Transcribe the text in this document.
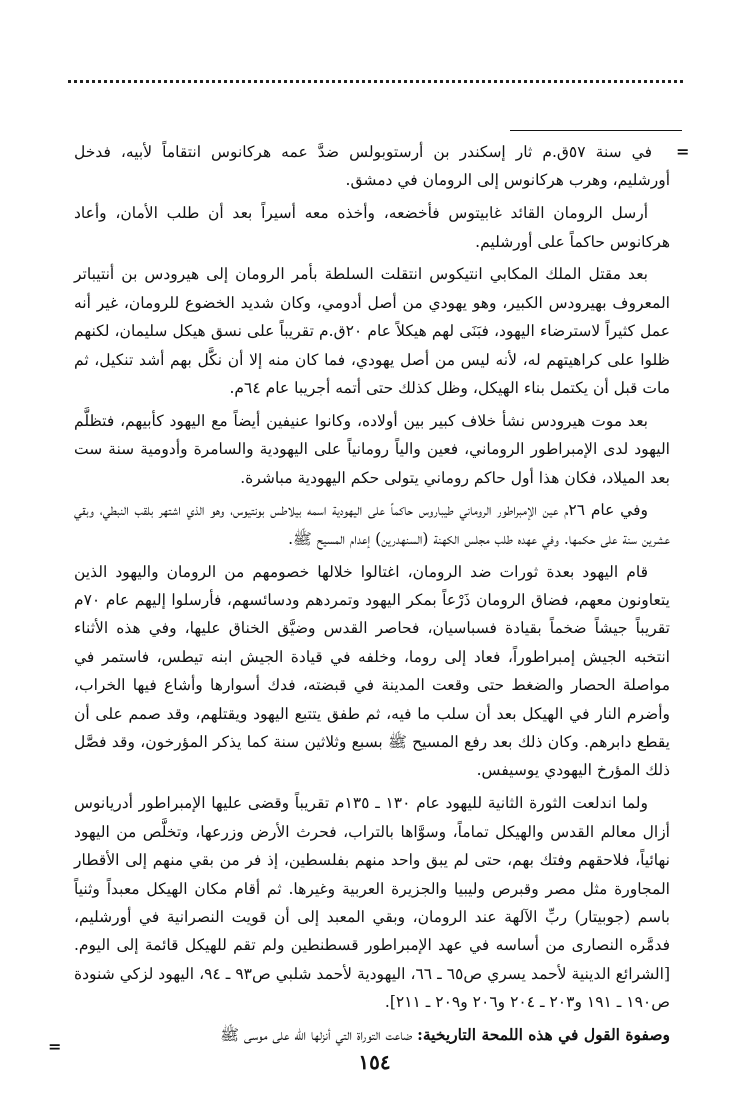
=

في سنة ٥٧ق.م ثار إسكندر بن أرستوبولس ضدَّ عمه هركانوس انتقاماً لأبيه، فدخل أورشليم، وهرب هركانوس إلى الرومان في دمشق.

أرسل الرومان القائد غابيتوس فأخضعه، وأخذه معه أسيراً بعد أن طلب الأمان، وأعاد هركانوس حاكماً على أورشليم.

بعد مقتل الملك المكابي انتيكوس انتقلت السلطة بأمر الرومان إلى هيرودس بن أنتيباتر المعروف بهيرودس الكبير، وهو يهودي من أصل أدومي، وكان شديد الخضوع للرومان، غير أنه عمل كثيراً لاسترضاء اليهود، فبَنَى لهم هيكلاً عام ٢٠ق.م تقريباً على نسق هيكل سليمان، لكنهم ظلوا على كراهيتهم له، لأنه ليس من أصل يهودي، فما كان منه إلا أن نكَّل بهم أشد تنكيل، ثم مات قبل أن يكتمل بناء الهيكل، وظل كذلك حتى أتمه أجريبا عام ٦٤م.

بعد موت هيرودس نشأ خلاف كبير بين أولاده، وكانوا عنيفين أيضاً مع اليهود كأبيهم، فتظلَّم اليهود لدى الإمبراطور الروماني، فعين والياً رومانياً على اليهودية والسامرة وأدومية سنة ست بعد الميلاد، فكان هذا أول حاكم روماني يتولى حكم اليهودية مباشرة.

وفي عام ٢٦م عين الإمبراطور الروماني طيباروس حاكماً على اليهودية اسمه بيلاطس بونتيوس، وهو الذي اشتهر بلقب النبطي، وبقي عشرين سنة على حكمها. وفي عهده طلب مجلس الكهنة (السنهدرين) إعدام المسيح ﷺ.

قام اليهود بعدة ثورات ضد الرومان، اغتالوا خلالها خصومهم من الرومان واليهود الذين يتعاونون معهم، فضاق الرومان ذَرْعاً بمكر اليهود وتمردهم ودسائسهم، فأرسلوا إليهم عام ٧٠م تقريباً جيشاً ضخماً بقيادة فسباسيان، فحاصر القدس وضيَّق الخناق عليها، وفي هذه الأثناء انتخبه الجيش إمبراطوراً، فعاد إلى روما، وخلفه في قيادة الجيش ابنه تيطس، فاستمر في مواصلة الحصار والضغط حتى وقعت المدينة في قبضته، فدك أسوارها وأشاع فيها الخراب، وأضرم النار في الهيكل بعد أن سلب ما فيه، ثم طفق يتتبع اليهود ويقتلهم، وقد صمم على أن يقطع دابرهم. وكان ذلك بعد رفع المسيح ﷺ بسبع وثلاثين سنة كما يذكر المؤرخون، وقد فصَّل ذلك المؤرخ اليهودي يوسيفس.

ولما اندلعت الثورة الثانية لليهود عام ١٣٠ ـ ١٣٥م تقريباً وقضى عليها الإمبراطور أدريانوس أزال معالم القدس والهيكل تماماً، وسوَّاها بالتراب، فحرث الأرض وزرعها، وتخلَّص من اليهود نهائياً، فلاحقهم وفتك بهم، حتى لم يبق واحد منهم بفلسطين، إذ فر من بقي منهم إلى الأقطار المجاورة مثل مصر وقبرص وليبيا والجزيرة العربية وغيرها. ثم أقام مكان الهيكل معبداً وثنياً باسم (جوبيتار) ربِّ الآلهة عند الرومان، وبقي المعبد إلى أن قويت النصرانية في أورشليم، فدمَّره النصارى من أساسه في عهد الإمبراطور قسطنطين ولم تقم للهيكل قائمة إلى اليوم. [الشرائع الدينية لأحمد يسري ص٦٥ ـ ٦٦، اليهودية لأحمد شلبي ص٩٣ ـ ٩٤، اليهود لزكي شنودة ص١٩٠ ـ ١٩١ و٢٠٣ ـ ٢٠٤ و٢٠٦ و٢٠٩ ـ ٢١١].

وصفوة القول في هذه اللمحة التاريخية: ضاعت التوراة التي أنزلها الله على موسى ﷺ

=
١٥٤
